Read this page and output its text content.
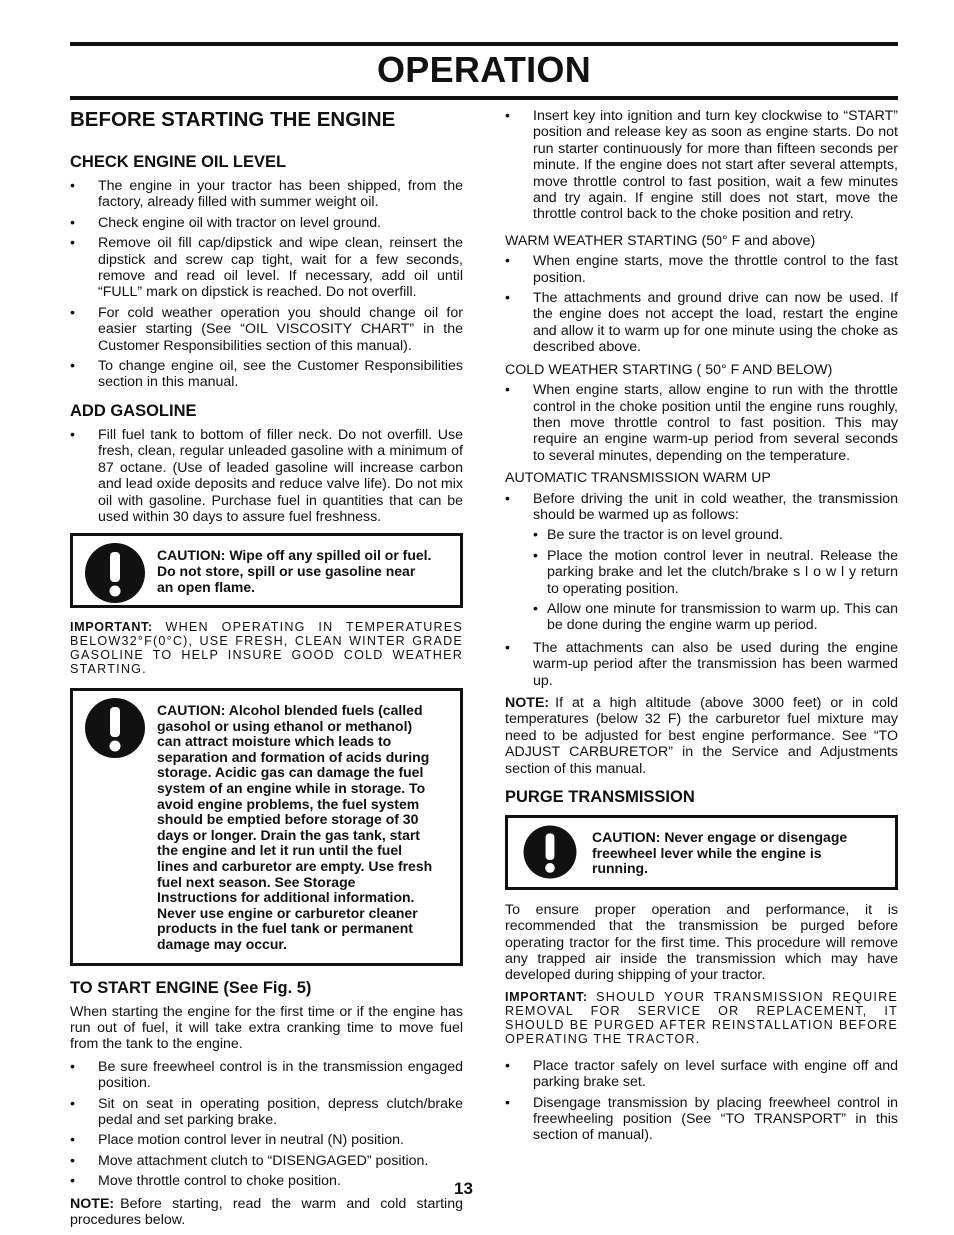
OPERATION
BEFORE STARTING THE ENGINE
CHECK ENGINE OIL LEVEL
• The engine in your tractor has been shipped, from the factory, already filled with summer weight oil.
• Check engine oil with tractor on level ground.
• Remove oil fill cap/dipstick and wipe clean, reinsert the dipstick and screw cap tight, wait for a few seconds, remove and read oil level. If necessary, add oil until “FULL” mark on dipstick is reached. Do not overfill.
• For cold weather operation you should change oil for easier starting (See “OIL VISCOSITY CHART” in the Customer Responsibilities section of this manual).
• To change engine oil, see the Customer Responsibilities section in this manual.
ADD GASOLINE
• Fill fuel tank to bottom of filler neck. Do not overfill. Use fresh, clean, regular unleaded gasoline with a minimum of 87 octane. (Use of leaded gasoline will increase carbon and lead oxide deposits and reduce valve life). Do not mix oil with gasoline. Purchase fuel in quantities that can be used within 30 days to assure fuel freshness.
CAUTION: Wipe off any spilled oil or fuel. Do not store, spill or use gasoline near an open flame.
IMPORTANT: WHEN OPERATING IN TEMPERATURES BELOW32°F(0°C), USE FRESH, CLEAN WINTER GRADE GASOLINE TO HELP INSURE GOOD COLD WEATHER STARTING.
CAUTION: Alcohol blended fuels (called gasohol or using ethanol or methanol) can attract moisture which leads to separation and formation of acids during storage. Acidic gas can damage the fuel system of an engine while in storage. To avoid engine problems, the fuel system should be emptied before storage of 30 days or longer. Drain the gas tank, start the engine and let it run until the fuel lines and carburetor are empty. Use fresh fuel next season. See Storage Instructions for additional information. Never use engine or carburetor cleaner products in the fuel tank or permanent damage may occur.
TO START ENGINE (See Fig. 5)

When starting the engine for the first time or if the engine has run out of fuel, it will take extra cranking time to move fuel from the tank to the engine.

• Be sure freewheel control is in the transmission engaged position.
• Sit on seat in operating position, depress clutch/brake pedal and set parking brake.
• Place motion control lever in neutral (N) position.
• Move attachment clutch to “DISENGAGED” position.
• Move throttle control to choke position.

NOTE: Before starting, read the warm and cold starting procedures below.

• Insert key into ignition and turn key clockwise to “START” position and release key as soon as engine starts. Do not run starter continuously for more than fifteen seconds per minute. If the engine does not start after several attempts, move throttle control to fast position, wait a few minutes and try again. If engine still does not start, move the throttle control back to the choke position and retry.
WARM WEATHER STARTING (50° F and above)
• When engine starts, move the throttle control to the fast position.
• The attachments and ground drive can now be used. If the engine does not accept the load, restart the engine and allow it to warm up for one minute using the choke as described above.
COLD WEATHER STARTING ( 50° F AND BELOW)
• When engine starts, allow engine to run with the throttle control in the choke position until the engine runs roughly, then move throttle control to fast position. This may require an engine warm-up period from several seconds to several minutes, depending on the temperature.
AUTOMATIC TRANSMISSION WARM UP
• Before driving the unit in cold weather, the transmission should be warmed up as follows:
• Be sure the tractor is on level ground.
• Place the motion control lever in neutral. Release the parking brake and let the clutch/brake s l o w l y return to operating position.
• Allow one minute for transmission to warm up. This can be done during the engine warm up period.
• The attachments can also be used during the engine warm-up period after the transmission has been warmed up.

NOTE: If at a high altitude (above 3000 feet) or in cold temperatures (below 32 F) the carburetor fuel mixture may need to be adjusted for best engine performance. See “TO ADJUST CARBURETOR” in the Service and Adjustments section of this manual.

PURGE TRANSMISSION
CAUTION: Never engage or disengage freewheel lever while the engine is running.

To ensure proper operation and performance, it is recommended that the transmission be purged before operating tractor for the first time. This procedure will remove any trapped air inside the transmission which may have developed during shipping of your tractor.

IMPORTANT: SHOULD YOUR TRANSMISSION REQUIRE REMOVAL FOR SERVICE OR REPLACEMENT, IT SHOULD BE PURGED AFTER REINSTALLATION BEFORE OPERATING THE TRACTOR.
• Place tractor safely on level surface with engine off and parking brake set.
• Disengage transmission by placing freewheel control in freewheeling position (See “TO TRANSPORT” in this section of manual).
13
